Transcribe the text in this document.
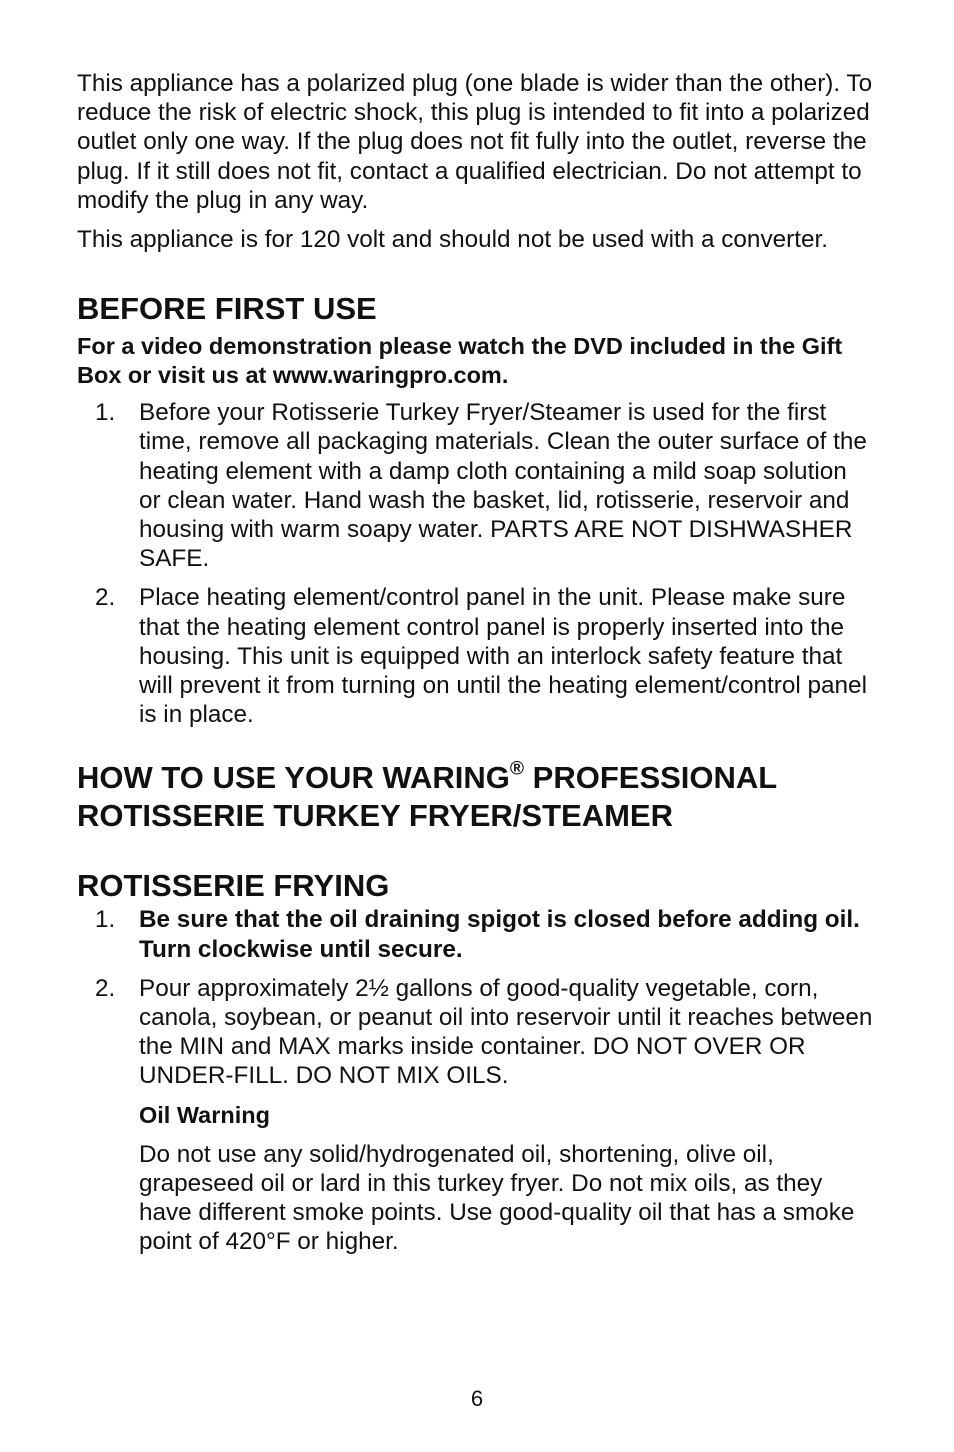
This appliance has a polarized plug (one blade is wider than the other). To reduce the risk of electric shock, this plug is intended to fit into a polarized outlet only one way. If the plug does not fit fully into the outlet, reverse the plug. If it still does not fit, contact a qualified electrician. Do not attempt to modify the plug in any way.

This appliance is for 120 volt and should not be used with a converter.

BEFORE FIRST USE

For a video demonstration please watch the DVD included in the Gift Box or visit us at www.waringpro.com.

1. Before your Rotisserie Turkey Fryer/Steamer is used for the first time, remove all packaging materials. Clean the outer surface of the heating element with a damp cloth containing a mild soap solution or clean water. Hand wash the basket, lid, rotisserie, reservoir and housing with warm soapy water. PARTS ARE NOT DISHWASHER SAFE.
2. Place heating element/control panel in the unit. Please make sure that the heating element control panel is properly inserted into the housing. This unit is equipped with an interlock safety feature that will prevent it from turning on until the heating element/control panel is in place.
HOW TO USE YOUR WARING® PROFESSIONAL ROTISSERIE TURKEY FRYER/STEAMER
ROTISSERIE FRYING
1. Be sure that the oil draining spigot is closed before adding oil. Turn clockwise until secure.
2. Pour approximately 2½ gallons of good-quality vegetable, corn, canola, soybean, or peanut oil into reservoir until it reaches between the MIN and MAX marks inside container. DO NOT OVER OR UNDER-FILL. DO NOT MIX OILS.

Oil Warning

Do not use any solid/hydrogenated oil, shortening, olive oil, grapeseed oil or lard in this turkey fryer. Do not mix oils, as they have different smoke points. Use good-quality oil that has a smoke point of 420°F or higher.

6
